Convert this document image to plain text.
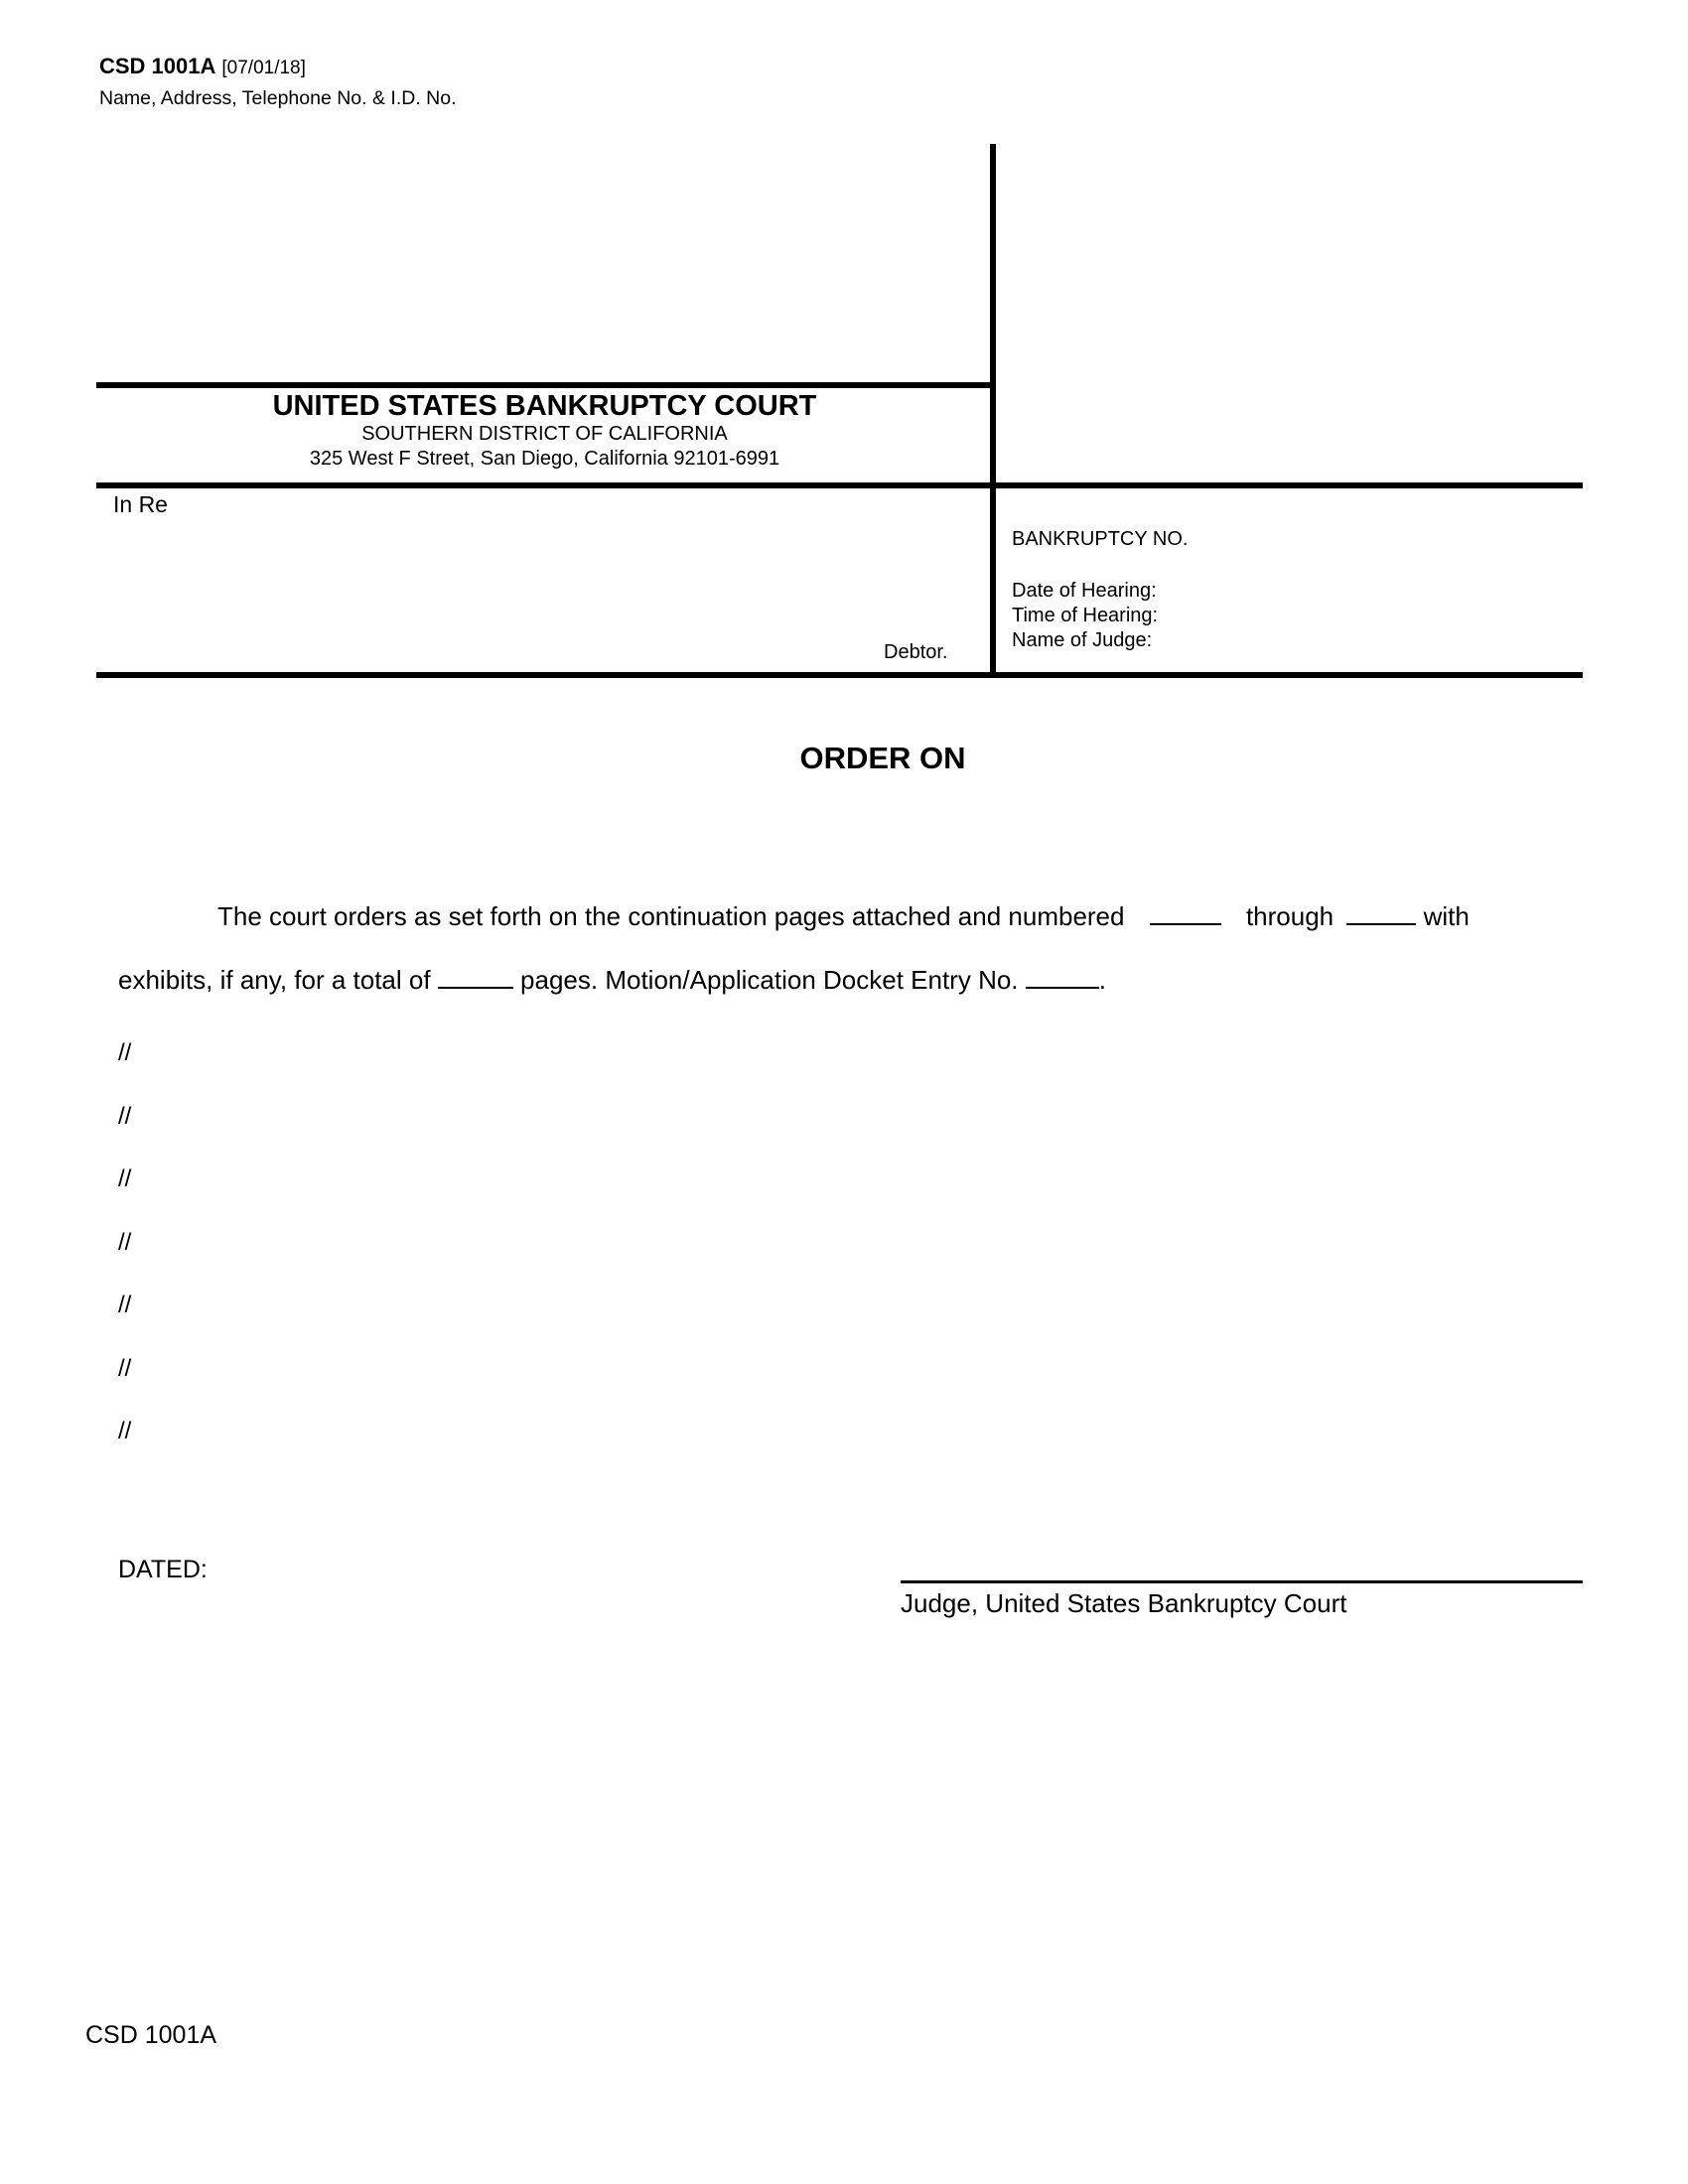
CSD 1001A [07/01/18]
Name, Address, Telephone No. & I.D. No.
UNITED STATES BANKRUPTCY COURT
SOUTHERN DISTRICT OF CALIFORNIA
325 West F Street, San Diego, California 92101-6991
In Re
Debtor.
BANKRUPTCY NO.
Date of Hearing:
Time of Hearing:
Name of Judge:
ORDER ON
The court orders as set forth on the continuation pages attached and numbered	through	with
exhibits, if any, for a total of	pages. Motion/Application Docket Entry No.	.
//
//
//
//
//
//
//
DATED:
Judge, United States Bankruptcy Court
CSD 1001A
